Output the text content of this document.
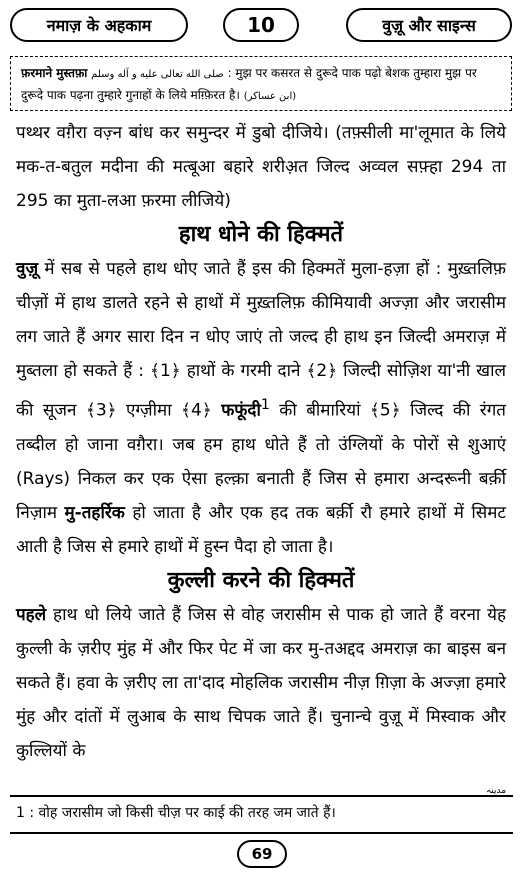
नमाज़ के अहकाम	10	वुज़ू और साइन्स
फ़रमाने मुस्तफ़ा صلى الله تعالى عليه و آله وسلم : मुझ पर कसरत से दुरूदे पाक पढ़ो बेशक तुम्हारा मुझ पर दुरूदे पाक पढ़ना तुम्हारे गुनाहों के लिये मग़्फ़िरत है। (ابن عساکر)

पथ्थर वग़ैरा वज़्न बांध कर समुन्दर में डुबो दीजिये। (तफ़्सीली मा'लूमात के लिये मक-त-बतुल मदीना की मत्बूआ बहारे शरीअ़त जिल्द अव्वल सफ़्हा 294 ता 295 का मुता-लआ फ़रमा लीजिये)

हाथ धोने की हिक्मतें

वुज़ू में सब से पहले हाथ धोए जाते हैं इस की हिक्मतें मुला-हज़ा हों : मुख़्तलिफ़ चीज़ों में हाथ डालते रहने से हाथों में मुख़्तलिफ़ कीमियावी अज्ज़ा और जरासीम लग जाते हैं अगर सारा दिन न धोए जाएं तो जल्द ही हाथ इन जिल्दी अमराज़ में मुब्तला हो सकते हैं : ﴾1﴿ हाथों के गरमी दाने ﴾2﴿ जिल्दी सोज़िश या'नी खाल की सूजन ﴾3﴿ एग्ज़ीमा ﴾4﴿ फफूंदी$^1$ की बीमारियां ﴾5﴿ जिल्द की रंगत तब्दील हो जाना वग़ैरा। जब हम हाथ धोते हैं तो उंग्लियों के पोरों से शुआएं (Rays) निकल कर एक ऐसा हल्क़ा बनाती हैं जिस से हमारा अन्दरूनी बर्क़ी निज़ाम मु-तहर्रिक हो जाता है और एक हद तक बर्क़ी रौ हमारे हाथों में सिमट आती है जिस से हमारे हाथों में हुस्न पैदा हो जाता है।

कुल्ली करने की हिक्मतें

पहले हाथ धो लिये जाते हैं जिस से वोह जरासीम से पाक हो जाते हैं वरना येह कुल्ली के ज़रीए मुंह में और फिर पेट में जा कर मु-तअद्दद अमराज़ का बाइस बन सकते हैं। हवा के ज़रीए ला ता'दाद मोहलिक जरासीम नीज़ ग़िज़ा के अज्ज़ा हमारे मुंह और दांतों में लुआब के साथ चिपक जाते हैं। चुनान्चे वुज़ू में मिस्वाक और कुल्लियों के

مدینہ
1 : वोह जरासीम जो किसी चीज़ पर काई की तरह जम जाते हैं।
69
